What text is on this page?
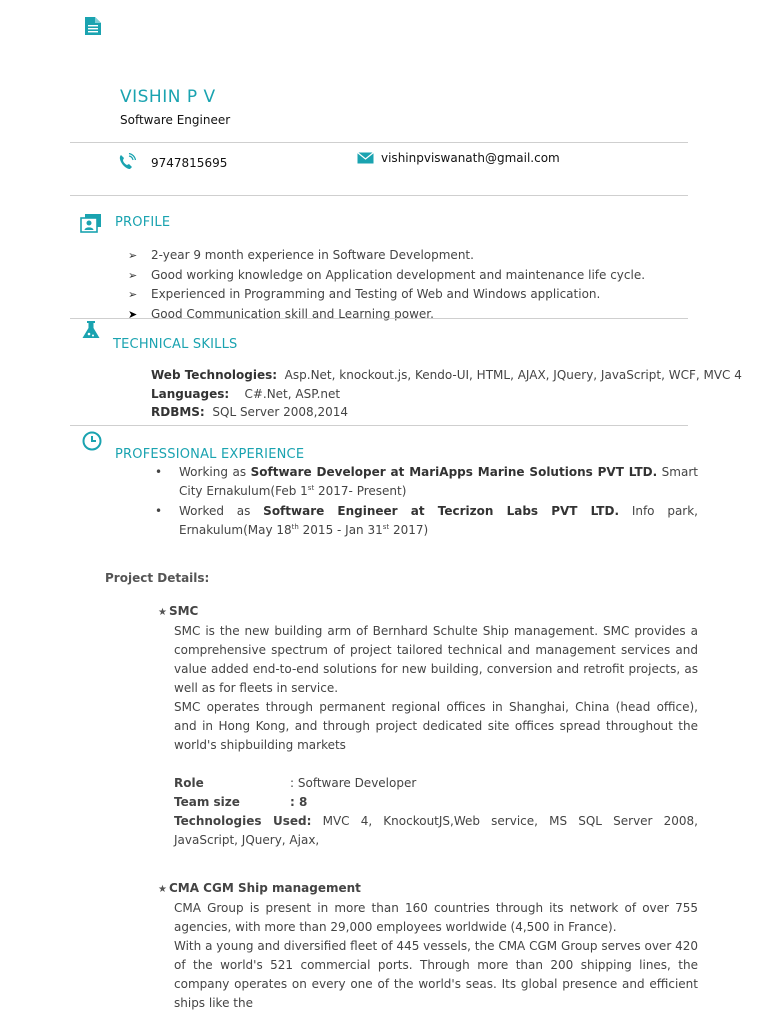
VISHIN P V
Software Engineer
9747815695	vishinpviswanath@gmail.com
PROFILE
➢ 2-year 9 month experience in Software Development.
➢ Good working knowledge on Application development and maintenance life cycle.
➢ Experienced in Programming and Testing of Web and Windows application.
➤ Good Communication skill and Learning power.
TECHNICAL SKILLS
Web Technologies: Asp.Net, knockout.js, Kendo-UI, HTML, AJAX, JQuery, JavaScript, WCF, MVC 4
Languages: C#.Net, ASP.net
RDBMS: SQL Server 2008,2014
PROFESSIONAL EXPERIENCE
• Working as Software Developer at MariApps Marine Solutions PVT LTD. Smart City Ernakulum(Feb 1st 2017- Present)
• Worked as Software Engineer at Tecrizon Labs PVT LTD. Info park, Ernakulum(May 18th 2015 - Jan 31st 2017)
Project Details:
★ SMC
SMC is the new building arm of Bernhard Schulte Ship management. SMC provides a comprehensive spectrum of project tailored technical and management services and value added end-to-end solutions for new building, conversion and retrofit projects, as well as for fleets in service.
SMC operates through permanent regional offices in Shanghai, China (head office), and in Hong Kong, and through project dedicated site offices spread throughout the world's shipbuilding markets
Role	: Software Developer
Team size	: 8
Technologies Used: MVC 4, KnockoutJS,Web service, MS SQL Server 2008, JavaScript, JQuery, Ajax,
★ CMA CGM Ship management
CMA Group is present in more than 160 countries through its network of over 755 agencies, with more than 29,000 employees worldwide (4,500 in France).
With a young and diversified fleet of 445 vessels, the CMA CGM Group serves over 420 of the world's 521 commercial ports. Through more than 200 shipping lines, the company operates on every one of the world's seas. Its global presence and efficient ships like the
